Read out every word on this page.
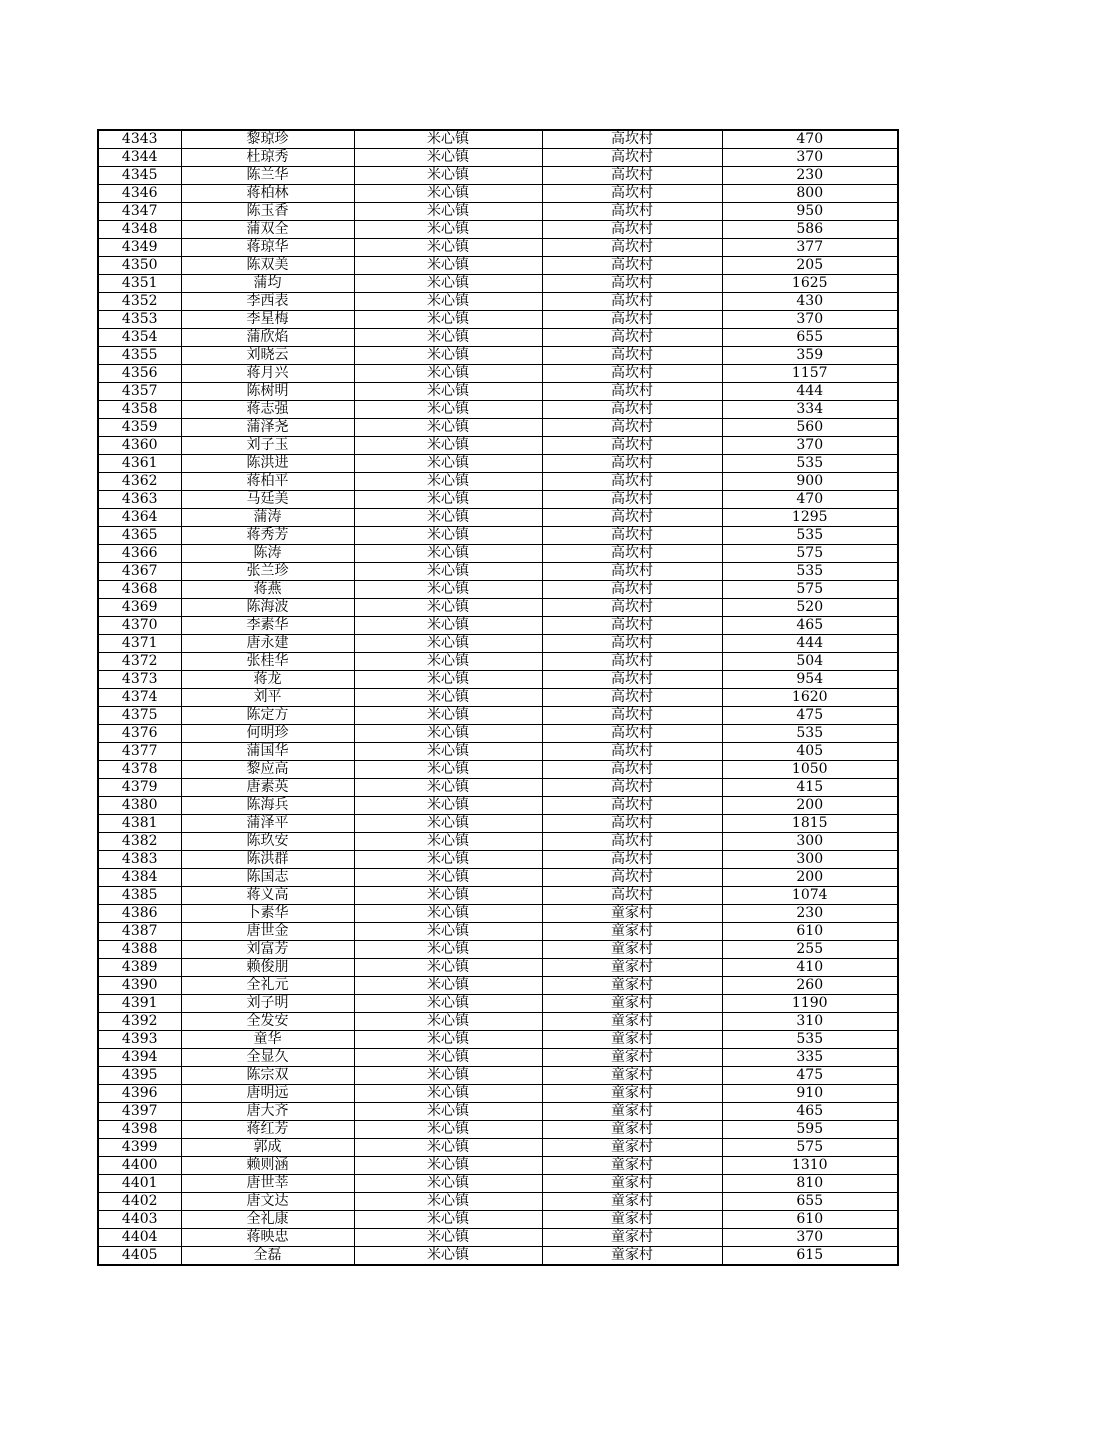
4343	黎琼珍	米心镇	高坎村	470
4344	杜琼秀	米心镇	高坎村	370
4345	陈兰华	米心镇	高坎村	230
4346	蒋柏林	米心镇	高坎村	800
4347	陈玉香	米心镇	高坎村	950
4348	蒲双全	米心镇	高坎村	586
4349	蒋琼华	米心镇	高坎村	377
4350	陈双美	米心镇	高坎村	205
4351	蒲均	米心镇	高坎村	1625
4352	李西表	米心镇	高坎村	430
4353	李星梅	米心镇	高坎村	370
4354	蒲欣焰	米心镇	高坎村	655
4355	刘晓云	米心镇	高坎村	359
4356	蒋月兴	米心镇	高坎村	1157
4357	陈树明	米心镇	高坎村	444
4358	蒋志强	米心镇	高坎村	334
4359	蒲泽尧	米心镇	高坎村	560
4360	刘子玉	米心镇	高坎村	370
4361	陈洪进	米心镇	高坎村	535
4362	蒋柏平	米心镇	高坎村	900
4363	马廷美	米心镇	高坎村	470
4364	蒲涛	米心镇	高坎村	1295
4365	蒋秀芳	米心镇	高坎村	535
4366	陈涛	米心镇	高坎村	575
4367	张兰珍	米心镇	高坎村	535
4368	蒋燕	米心镇	高坎村	575
4369	陈海波	米心镇	高坎村	520
4370	李素华	米心镇	高坎村	465
4371	唐永建	米心镇	高坎村	444
4372	张桂华	米心镇	高坎村	504
4373	蒋龙	米心镇	高坎村	954
4374	刘平	米心镇	高坎村	1620
4375	陈定方	米心镇	高坎村	475
4376	何明珍	米心镇	高坎村	535
4377	蒲国华	米心镇	高坎村	405
4378	黎应高	米心镇	高坎村	1050
4379	唐素英	米心镇	高坎村	415
4380	陈海兵	米心镇	高坎村	200
4381	蒲泽平	米心镇	高坎村	1815
4382	陈玖安	米心镇	高坎村	300
4383	陈洪群	米心镇	高坎村	300
4384	陈国志	米心镇	高坎村	200
4385	蒋义高	米心镇	高坎村	1074
4386	卜素华	米心镇	童家村	230
4387	唐世金	米心镇	童家村	610
4388	刘富芳	米心镇	童家村	255
4389	赖俊朋	米心镇	童家村	410
4390	全礼元	米心镇	童家村	260
4391	刘子明	米心镇	童家村	1190
4392	全发安	米心镇	童家村	310
4393	童华	米心镇	童家村	535
4394	全显久	米心镇	童家村	335
4395	陈宗双	米心镇	童家村	475
4396	唐明远	米心镇	童家村	910
4397	唐大齐	米心镇	童家村	465
4398	蒋红芳	米心镇	童家村	595
4399	郭成	米心镇	童家村	575
4400	赖则涵	米心镇	童家村	1310
4401	唐世莘	米心镇	童家村	810
4402	唐文达	米心镇	童家村	655
4403	全礼康	米心镇	童家村	610
4404	蒋映忠	米心镇	童家村	370
4405	全磊	米心镇	童家村	615
